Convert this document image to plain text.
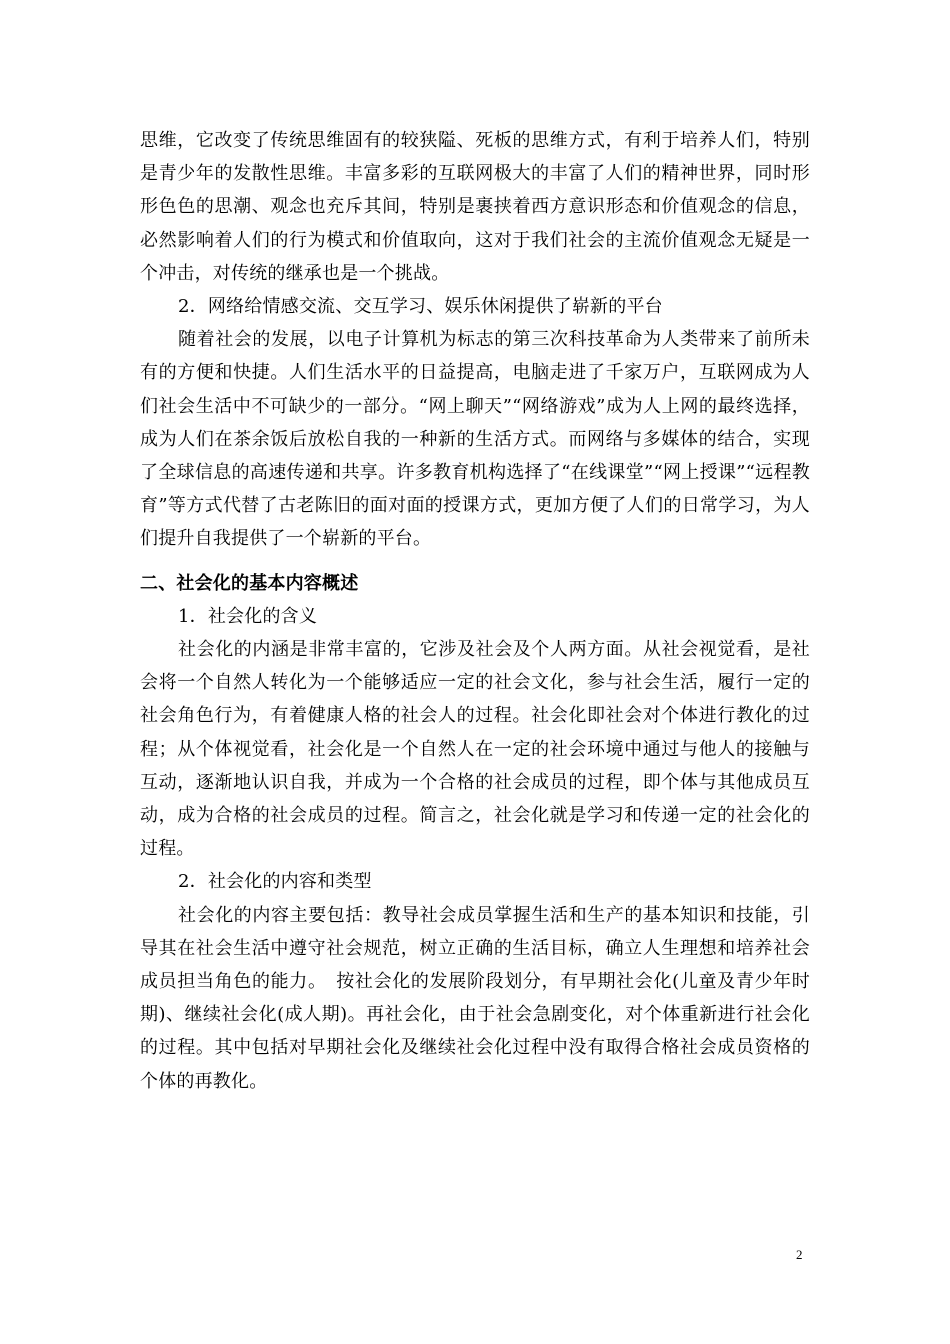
思维，它改变了传统思维固有的较狭隘、死板的思维方式，有利于培养人们，特别是青少年的发散性思维。丰富多彩的互联网极大的丰富了人们的精神世界，同时形形色色的思潮、观念也充斥其间，特别是裹挟着西方意识形态和价值观念的信息，必然影响着人们的行为模式和价值取向，这对于我们社会的主流价值观念无疑是一个冲击，对传统的继承也是一个挑战。

2．网络给情感交流、交互学习、娱乐休闲提供了崭新的平台

随着社会的发展，以电子计算机为标志的第三次科技革命为人类带来了前所未有的方便和快捷。人们生活水平的日益提高，电脑走进了千家万户，互联网成为人们社会生活中不可缺少的一部分。“网上聊天”“网络游戏”成为人上网的最终选择，成为人们在茶余饭后放松自我的一种新的生活方式。而网络与多媒体的结合，实现了全球信息的高速传递和共享。许多教育机构选择了“在线课堂”“网上授课”“远程教育”等方式代替了古老陈旧的面对面的授课方式，更加方便了人们的日常学习，为人们提升自我提供了一个崭新的平台。

二、社会化的基本内容概述

1．社会化的含义

社会化的内涵是非常丰富的，它涉及社会及个人两方面。从社会视觉看，是社会将一个自然人转化为一个能够适应一定的社会文化，参与社会生活，履行一定的社会角色行为，有着健康人格的社会人的过程。社会化即社会对个体进行教化的过程；从个体视觉看，社会化是一个自然人在一定的社会环境中通过与他人的接触与互动，逐渐地认识自我，并成为一个合格的社会成员的过程，即个体与其他成员互动，成为合格的社会成员的过程。简言之，社会化就是学习和传递一定的社会化的过程。

2．社会化的内容和类型

社会化的内容主要包括：教导社会成员掌握生活和生产的基本知识和技能，引导其在社会生活中遵守社会规范，树立正确的生活目标，确立人生理想和培养社会成员担当角色的能力。　按社会化的发展阶段划分，有早期社会化(儿童及青少年时期)、继续社会化(成人期)。再社会化，由于社会急剧变化，对个体重新进行社会化的过程。其中包括对早期社会化及继续社会化过程中没有取得合格社会成员资格的个体的再教化。

2
